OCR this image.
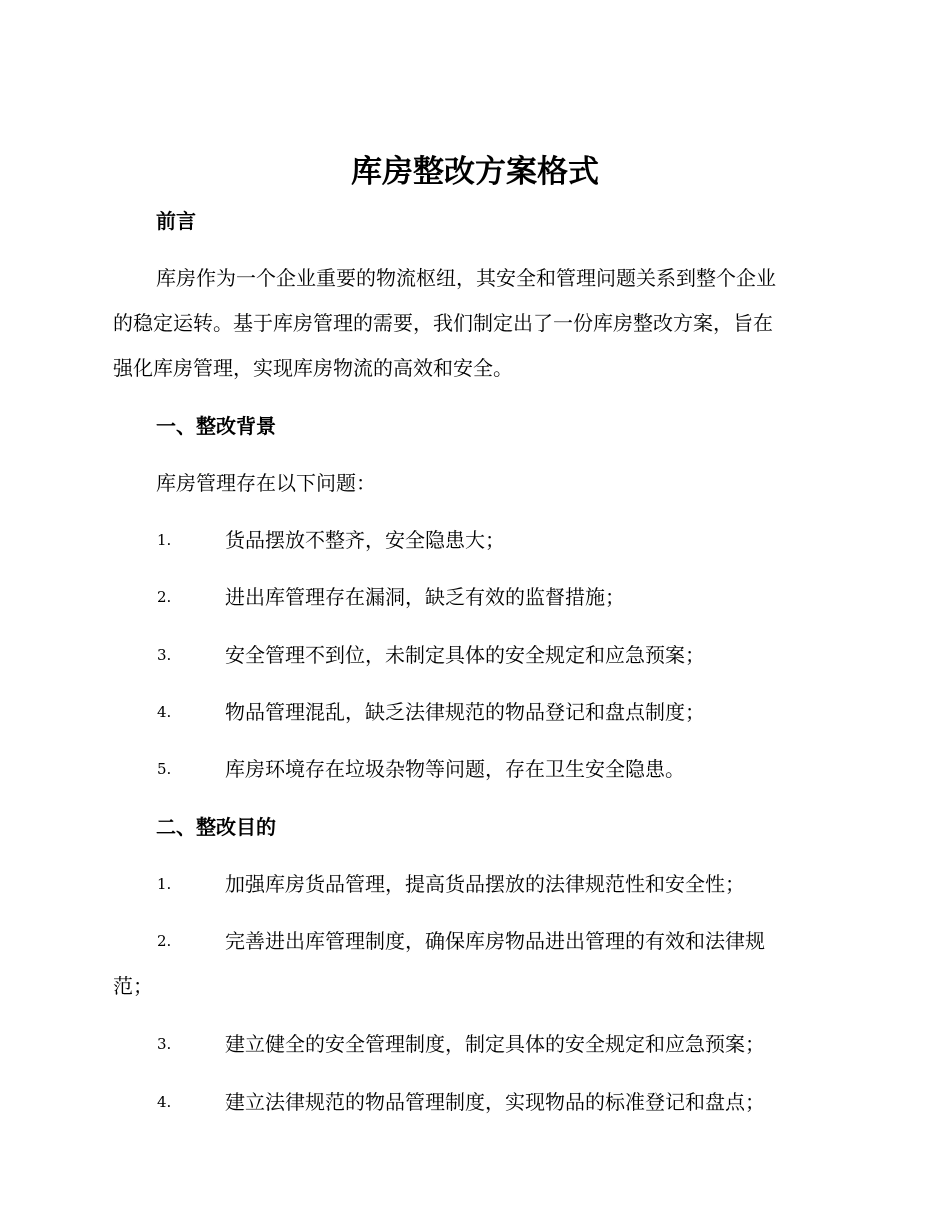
库房整改方案格式
前言
库房作为一个企业重要的物流枢纽，其安全和管理问题关系到整个企业
的稳定运转。基于库房管理的需要，我们制定出了一份库房整改方案，旨在
强化库房管理，实现库房物流的高效和安全。
一、整改背景

库房管理存在以下问题：

1.	货品摆放不整齐，安全隐患大；
2.	进出库管理存在漏洞，缺乏有效的监督措施；
3.	安全管理不到位，未制定具体的安全规定和应急预案；
4.	物品管理混乱，缺乏法律规范的物品登记和盘点制度；
5.	库房环境存在垃圾杂物等问题，存在卫生安全隐患。
二、整改目的
1.	加强库房货品管理，提高货品摆放的法律规范性和安全性；
2.	完善进出库管理制度，确保库房物品进出管理的有效和法律规
范；
3.	建立健全的安全管理制度，制定具体的安全规定和应急预案；
4.	建立法律规范的物品管理制度，实现物品的标准登记和盘点；
